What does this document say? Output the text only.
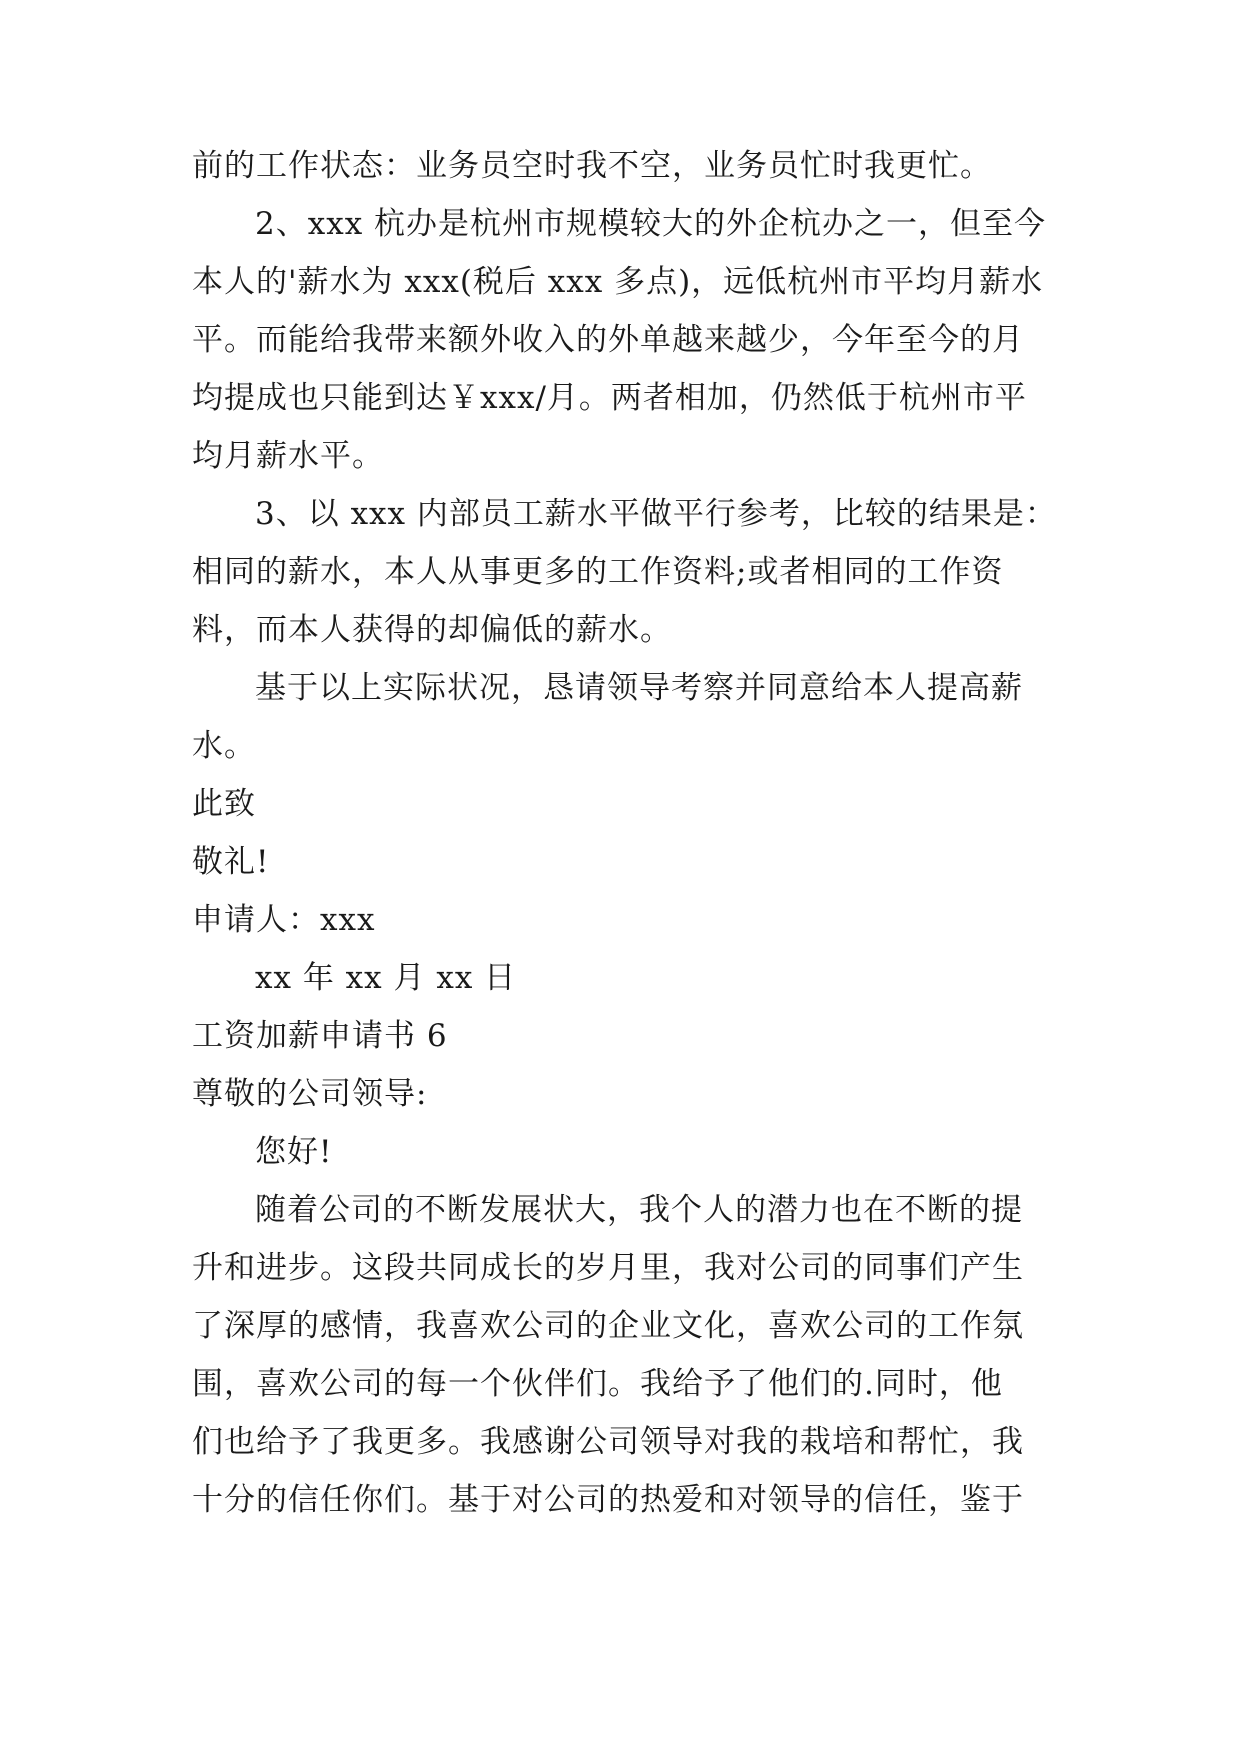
前的工作状态：业务员空时我不空，业务员忙时我更忙。
2、xxx 杭办是杭州市规模较大的外企杭办之一，但至今
本人的'薪水为 xxx(税后 xxx 多点)，远低杭州市平均月薪水
平。而能给我带来额外收入的外单越来越少，今年至今的月
均提成也只能到达￥xxx/月。两者相加，仍然低于杭州市平
均月薪水平。
3、以 xxx 内部员工薪水平做平行参考，比较的结果是：
相同的薪水，本人从事更多的工作资料;或者相同的工作资
料，而本人获得的却偏低的薪水。
基于以上实际状况，恳请领导考察并同意给本人提高薪
水。
此致
敬礼!
申请人：xxx
xx 年 xx 月 xx 日
工资加薪申请书 6
尊敬的公司领导:
您好!
随着公司的不断发展状大，我个人的潜力也在不断的提
升和进步。这段共同成长的岁月里，我对公司的同事们产生
了深厚的感情，我喜欢公司的企业文化，喜欢公司的工作氛
围，喜欢公司的每一个伙伴们。我给予了他们的.同时，他
们也给予了我更多。我感谢公司领导对我的栽培和帮忙，我
十分的信任你们。基于对公司的热爱和对领导的信任，鉴于
